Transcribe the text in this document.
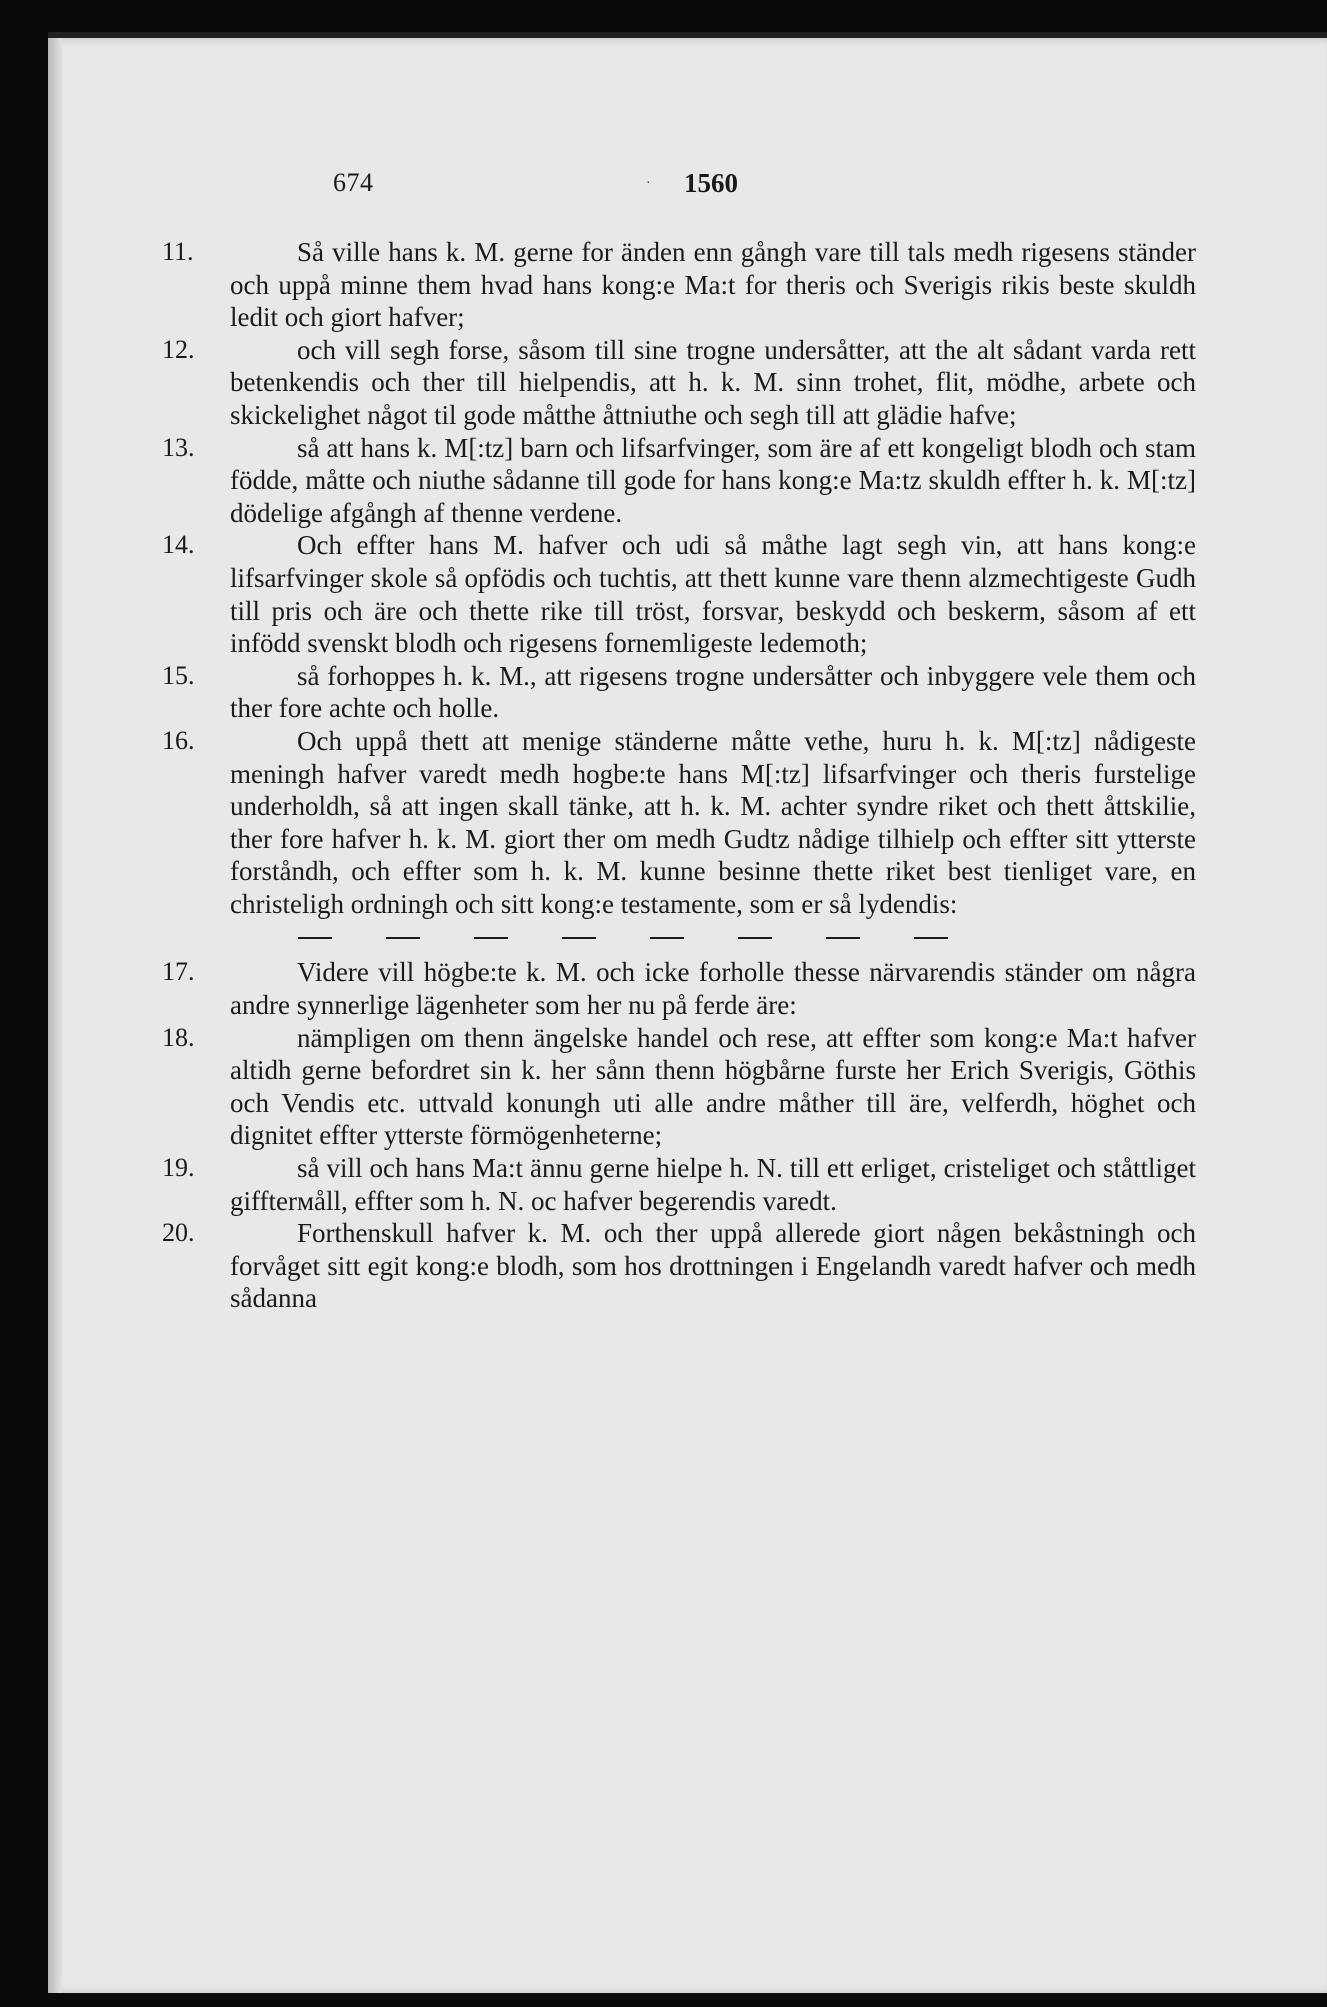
674	· 1560

11.	Så ville hans k. M. gerne for änden enn gångh vare till tals medh rigesens ständer och uppå minne them hvad hans kong:e Ma:t for theris och Sverigis rikis beste skuldh ledit och giort hafver;

12.	och vill segh forse, såsom till sine trogne undersåtter, att the alt sådant varda rett betenkendis och ther till hielpendis, att h. k. M. sinn trohet, flit, mödhe, arbete och skickelighet något til gode måtthe åttniuthe och segh till att glädie hafve;

13.	så att hans k. M[:tz] barn och lifsarfvinger, som äre af ett kongeligt blodh och stam födde, måtte och niuthe sådanne till gode for hans kong:e Ma:tz skuldh effter h. k. M[:tz] dödelige afgångh af thenne verdene.

14.	Och effter hans M. hafver och udi så måthe lagt segh vin, att hans kong:e lifsarfvinger skole så opfödis och tuchtis, att thett kunne vare thenn alzmechtigeste Gudh till pris och äre och thette rike till tröst, forsvar, beskydd och beskerm, såsom af ett infödd svenskt blodh och rigesens fornemligeste ledemoth;

15.	så forhoppes h. k. M., att rigesens trogne undersåtter och inbyggere vele them och ther fore achte och holle.

16.	Och uppå thett att menige ständerne måtte vethe, huru h. k. M[:tz] nådigeste meningh hafver varedt medh hogbe:te hans M[:tz] lifsarfvinger och theris furstelige underholdh, så att ingen skall tänke, att h. k. M. achter syndre riket och thett åttskilie, ther fore hafver h. k. M. giort ther om medh Gudtz nådige tilhielp och effter sitt ytterste forståndh, och effter som h. k. M. kunne besinne thette riket best tienliget vare, en christeligh ordningh och sitt kong:e testamente, som er så lydendis:

17.	Videre vill högbe:te k. M. och icke forholle thesse närvarendis ständer om några andre synnerlige lägenheter som her nu på ferde äre:

18.	nämpligen om thenn ängelske handel och rese, att effter som kong:e Ma:t hafver altidh gerne befordret sin k. her sånn thenn högbårne furste her Erich Sverigis, Göthis och Vendis etc. uttvald konungh uti alle andre måther till äre, velferdh, höghet och dignitet effter ytterste förmögenheterne;

19.	så vill och hans Ma:t ännu gerne hielpe h. N. till ett erliget, cristeliget och ståttliget giffterмåll, effter som h. N. oc hafver begerendis varedt.

20.	Forthenskull hafver k. M. och ther uppå allerede giort någen bekåstningh och forvåget sitt egit kong:e blodh, som hos drottningen i Engelandh varedt hafver och medh sådanna
